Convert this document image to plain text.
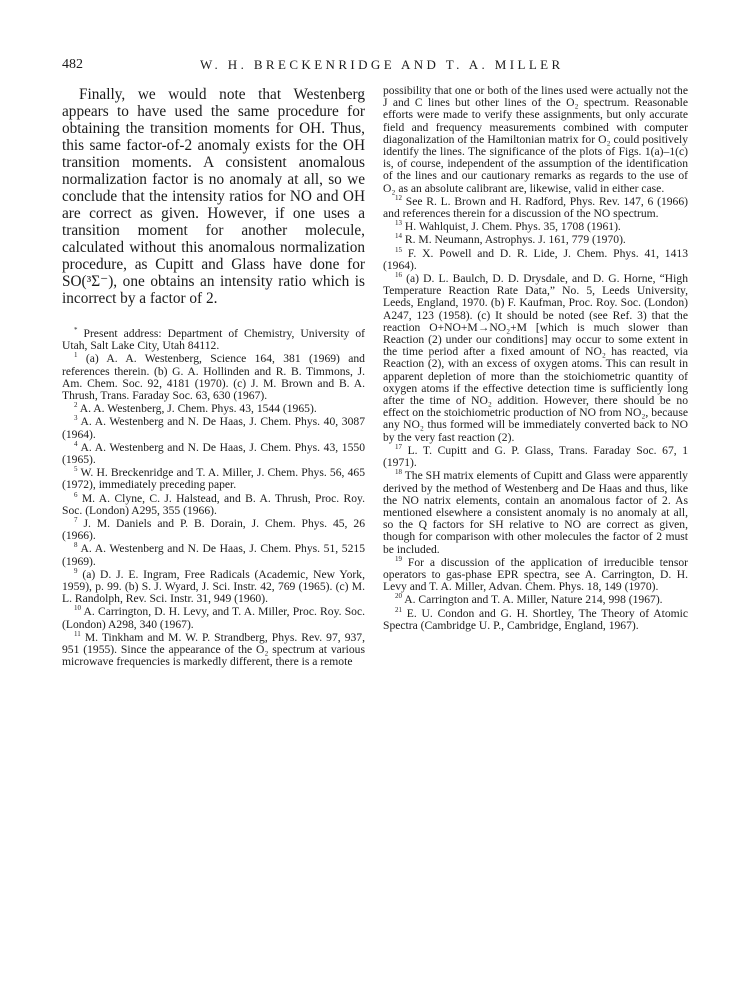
482	W. H. BRECKENRIDGE AND T. A. MILLER

Finally, we would note that Westenberg appears to have used the same procedure for obtaining the transition moments for OH. Thus, this same factor-of-2 anomaly exists for the OH transition moments. A consistent anomalous normalization factor is no anomaly at all, so we conclude that the intensity ratios for NO and OH are correct as given. However, if one uses a transition moment for another molecule, calculated without this anomalous normalization procedure, as Cupitt and Glass have done for SO(³Σ⁻), one obtains an intensity ratio which is incorrect by a factor of 2.

* Present address: Department of Chemistry, University of Utah, Salt Lake City, Utah 84112.
$^1$ (a) A. A. Westenberg, Science 164, 381 (1969) and references therein. (b) G. A. Hollinden and R. B. Timmons, J. Am. Chem. Soc. 92, 4181 (1970). (c) J. M. Brown and B. A. Thrush, Trans. Faraday Soc. 63, 630 (1967).
$^2$ A. A. Westenberg, J. Chem. Phys. 43, 1544 (1965).
$^3$ A. A. Westenberg and N. De Haas, J. Chem. Phys. 40, 3087 (1964).
$^4$ A. A. Westenberg and N. De Haas, J. Chem. Phys. 43, 1550 (1965).
$^5$ W. H. Breckenridge and T. A. Miller, J. Chem. Phys. 56, 465 (1972), immediately preceding paper.
$^6$ M. A. Clyne, C. J. Halstead, and B. A. Thrush, Proc. Roy. Soc. (London) A295, 355 (1966).
$^7$ J. M. Daniels and P. B. Dorain, J. Chem. Phys. 45, 26 (1966).
$^8$ A. A. Westenberg and N. De Haas, J. Chem. Phys. 51, 5215 (1969).
$^9$ (a) D. J. E. Ingram, Free Radicals (Academic, New York, 1959), p. 99. (b) S. J. Wyard, J. Sci. Instr. 42, 769 (1965). (c) M. L. Randolph, Rev. Sci. Instr. 31, 949 (1960).
$^{10}$ A. Carrington, D. H. Levy, and T. A. Miller, Proc. Roy. Soc. (London) A298, 340 (1967).
$^{11}$ M. Tinkham and M. W. P. Strandberg, Phys. Rev. 97, 937, 951 (1955). Since the appearance of the O₂ spectrum at various microwave frequencies is markedly different, there is a remote
possibility that one or both of the lines used were actually not the J and C lines but other lines of the O₂ spectrum. Reasonable efforts were made to verify these assignments, but only accurate field and frequency measurements combined with computer diagonalization of the Hamiltonian matrix for O₂ could positively identify the lines. The significance of the plots of Figs. 1(a)–1(c) is, of course, independent of the assumption of the identification of the lines and our cautionary remarks as regards to the use of O₂ as an absolute calibrant are, likewise, valid in either case.
$^{12}$ See R. L. Brown and H. Radford, Phys. Rev. 147, 6 (1966) and references therein for a discussion of the NO spectrum.
$^{13}$ H. Wahlquist, J. Chem. Phys. 35, 1708 (1961).
$^{14}$ R. M. Neumann, Astrophys. J. 161, 779 (1970).
$^{15}$ F. X. Powell and D. R. Lide, J. Chem. Phys. 41, 1413 (1964).
$^{16}$ (a) D. L. Baulch, D. D. Drysdale, and D. G. Horne, “High Temperature Reaction Rate Data,” No. 5, Leeds University, Leeds, England, 1970. (b) F. Kaufman, Proc. Roy. Soc. (London) A247, 123 (1958). (c) It should be noted (see Ref. 3) that the reaction O+NO+M→NO₂+M [which is much slower than Reaction (2) under our conditions] may occur to some extent in the time period after a fixed amount of NO₂ has reacted, via Reaction (2), with an excess of oxygen atoms. This can result in apparent depletion of more than the stoichiometric quantity of oxygen atoms if the effective detection time is sufficiently long after the time of NO₂ addition. However, there should be no effect on the stoichiometric production of NO from NO₂, because any NO₂ thus formed will be immediately converted back to NO by the very fast reaction (2).
$^{17}$ L. T. Cupitt and G. P. Glass, Trans. Faraday Soc. 67, 1 (1971).
$^{18}$ The SH matrix elements of Cupitt and Glass were apparently derived by the method of Westenberg and De Haas and thus, like the NO natrix elements, contain an anomalous factor of 2. As mentioned elsewhere a consistent anomaly is no anomaly at all, so the Q factors for SH relative to NO are correct as given, though for comparison with other molecules the factor of 2 must be included.
$^{19}$ For a discussion of the application of irreducible tensor operators to gas-phase EPR spectra, see A. Carrington, D. H. Levy and T. A. Miller, Advan. Chem. Phys. 18, 149 (1970).
$^{20}$ A. Carrington and T. A. Miller, Nature 214, 998 (1967).
$^{21}$ E. U. Condon and G. H. Shortley, The Theory of Atomic Spectra (Cambridge U. P., Cambridge, England, 1967).
